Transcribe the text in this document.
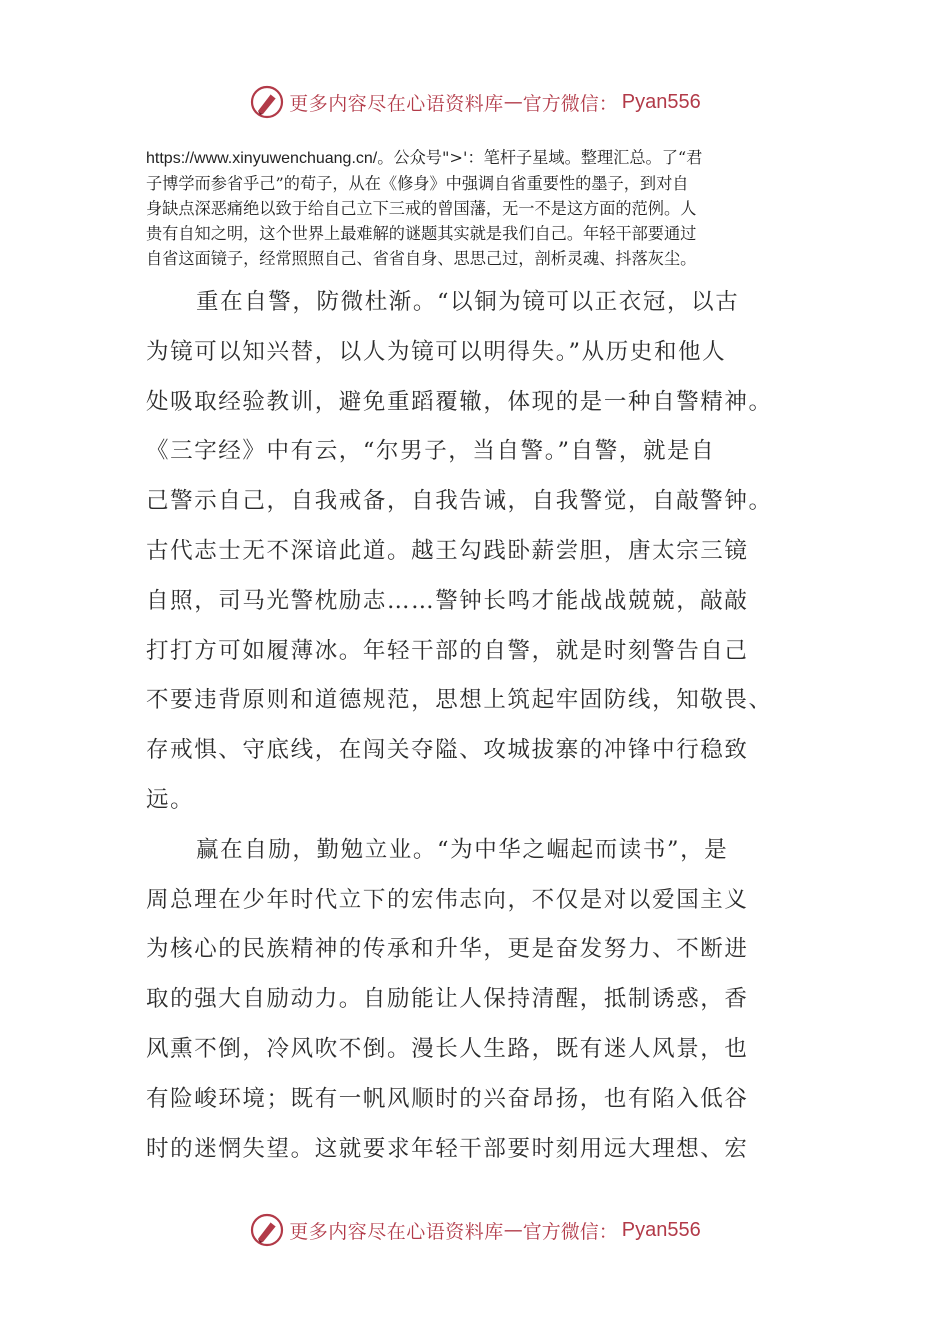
更多内容尽在心语资料库 — 官方微信： Pyan556
https://www.xinyuwenchuang.cn/。公众号">'：笔杆子星域。整理汇总。了“君
子博学而参省乎己”的荀子，从在《修身》中强调自省重要性的墨子，到对自
身缺点深恶痛绝以致于给自己立下三戒的曾国藩，无一不是这方面的范例。人
贵有自知之明，这个世界上最难解的谜题其实就是我们自己。年轻干部要通过
自省这面镜子，经常照照自己、省省自身、思思己过，剖析灵魂、抖落灰尘。
重在自警，防微杜渐。“以铜为镜可以正衣冠，以古
为镜可以知兴替，以人为镜可以明得失。”从历史和他人
处吸取经验教训，避免重蹈覆辙，体现的是一种自警精神。
《三字经》中有云，“尔男子，当自警。”自警，就是自
己警示自己，自我戒备，自我告诫，自我警觉，自敲警钟。
古代志士无不深谙此道。越王勾践卧薪尝胆，唐太宗三镜
自照，司马光警枕励志……警钟长鸣才能战战兢兢，敲敲
打打方可如履薄冰。年轻干部的自警，就是时刻警告自己
不要违背原则和道德规范，思想上筑起牢固防线，知敬畏、
存戒惧、守底线，在闯关夺隘、攻城拔寨的冲锋中行稳致
远。
赢在自励，勤勉立业。“为中华之崛起而读书”，是
周总理在少年时代立下的宏伟志向，不仅是对以爱国主义
为核心的民族精神的传承和升华，更是奋发努力、不断进
取的强大自励动力。自励能让人保持清醒，抵制诱惑，香
风熏不倒，冷风吹不倒。漫长人生路，既有迷人风景，也
有险峻环境；既有一帆风顺时的兴奋昂扬，也有陷入低谷
时的迷惘失望。这就要求年轻干部要时刻用远大理想、宏
更多内容尽在心语资料库 — 官方微信： Pyan556
